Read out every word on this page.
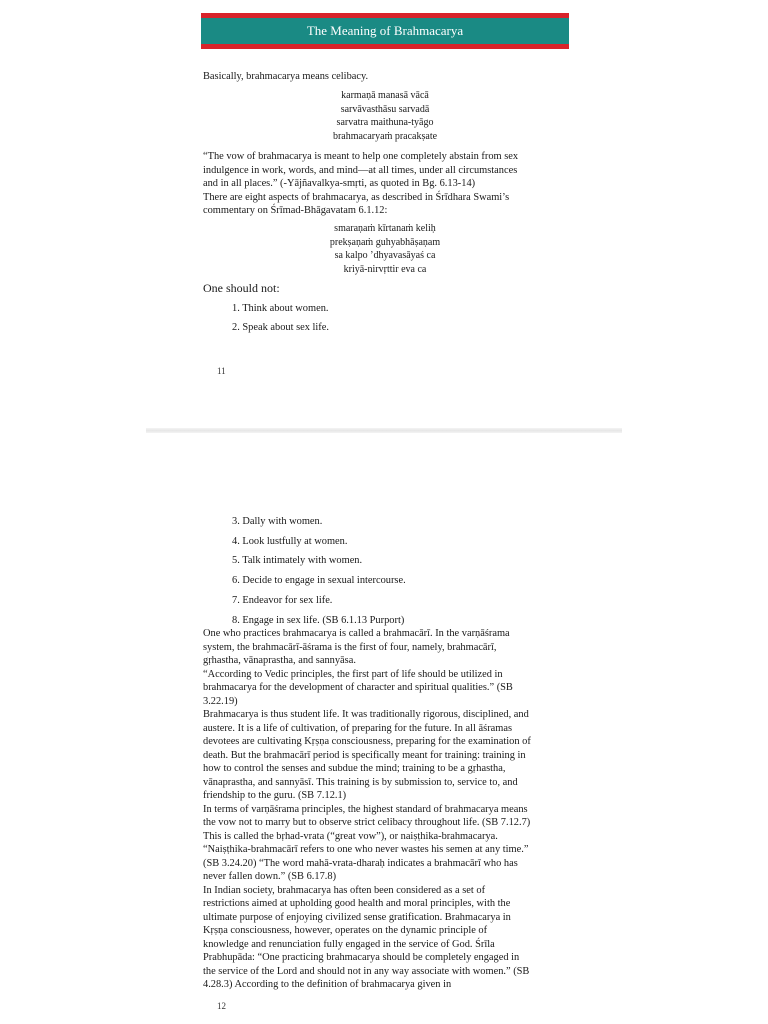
The Meaning of Brahmacarya
Basically, brahmacarya means celibacy.
karmaṇā manasā vācā
sarvāvasthāsu sarvadā
sarvatra maithuna-tyāgo
brahmacaryaṁ pracakṣate
“The vow of brahmacarya is meant to help one completely abstain from sex
indulgence in work, words, and mind—at all times, under all circumstances
and in all places.” (-Yājñavalkya-smṛti, as quoted in Bg. 6.13-14)
There are eight aspects of brahmacarya, as described in Śrīdhara Swami’s
commentary on Śrīmad-Bhāgavatam 6.1.12:
smaraṇaṁ kīrtanaṁ keliḥ
prekṣaṇaṁ guhyabhāṣaṇam
sa kalpo ’dhyavasāyaś ca
kriyā-nirvṛttir eva ca
One should not:
1. Think about women.
2. Speak about sex life.
11
3. Dally with women.
4. Look lustfully at women.
5. Talk intimately with women.
6. Decide to engage in sexual intercourse.
7. Endeavor for sex life.
8. Engage in sex life. (SB 6.1.13 Purport)
One who practices brahmacarya is called a brahmacārī. In the varṇāśrama
system, the brahmacārī-āśrama is the first of four, namely, brahmacārī,
gṛhastha, vānaprastha, and sannyāsa.
“According to Vedic principles, the first part of life should be utilized in
brahmacarya for the development of character and spiritual qualities.” (SB
3.22.19)
Brahmacarya is thus student life. It was traditionally rigorous, disciplined, and
austere. It is a life of cultivation, of preparing for the future. In all āśramas
devotees are cultivating Kṛṣṇa consciousness, preparing for the examination of
death. But the brahmacārī period is specifically meant for training: training in
how to control the senses and subdue the mind; training to be a gṛhastha,
vānaprastha, and sannyāsī. This training is by submission to, service to, and
friendship to the guru. (SB 7.12.1)
In terms of varṇāśrama principles, the highest standard of brahmacarya means
the vow not to marry but to observe strict celibacy throughout life. (SB 7.12.7)
This is called the bṛhad-vrata (“great vow”), or naiṣṭhika-brahmacarya.
“Naiṣṭhika-brahmacārī refers to one who never wastes his semen at any time.”
(SB 3.24.20) “The word mahā-vrata-dharaḥ indicates a brahmacārī who has
never fallen down.” (SB 6.17.8)
In Indian society, brahmacarya has often been considered as a set of
restrictions aimed at upholding good health and moral principles, with the
ultimate purpose of enjoying civilized sense gratification. Brahmacarya in
Kṛṣṇa consciousness, however, operates on the dynamic principle of
knowledge and renunciation fully engaged in the service of God. Śrīla
Prabhupāda: “One practicing brahmacarya should be completely engaged in
the service of the Lord and should not in any way associate with women.” (SB
4.28.3) According to the definition of brahmacarya given in
12
